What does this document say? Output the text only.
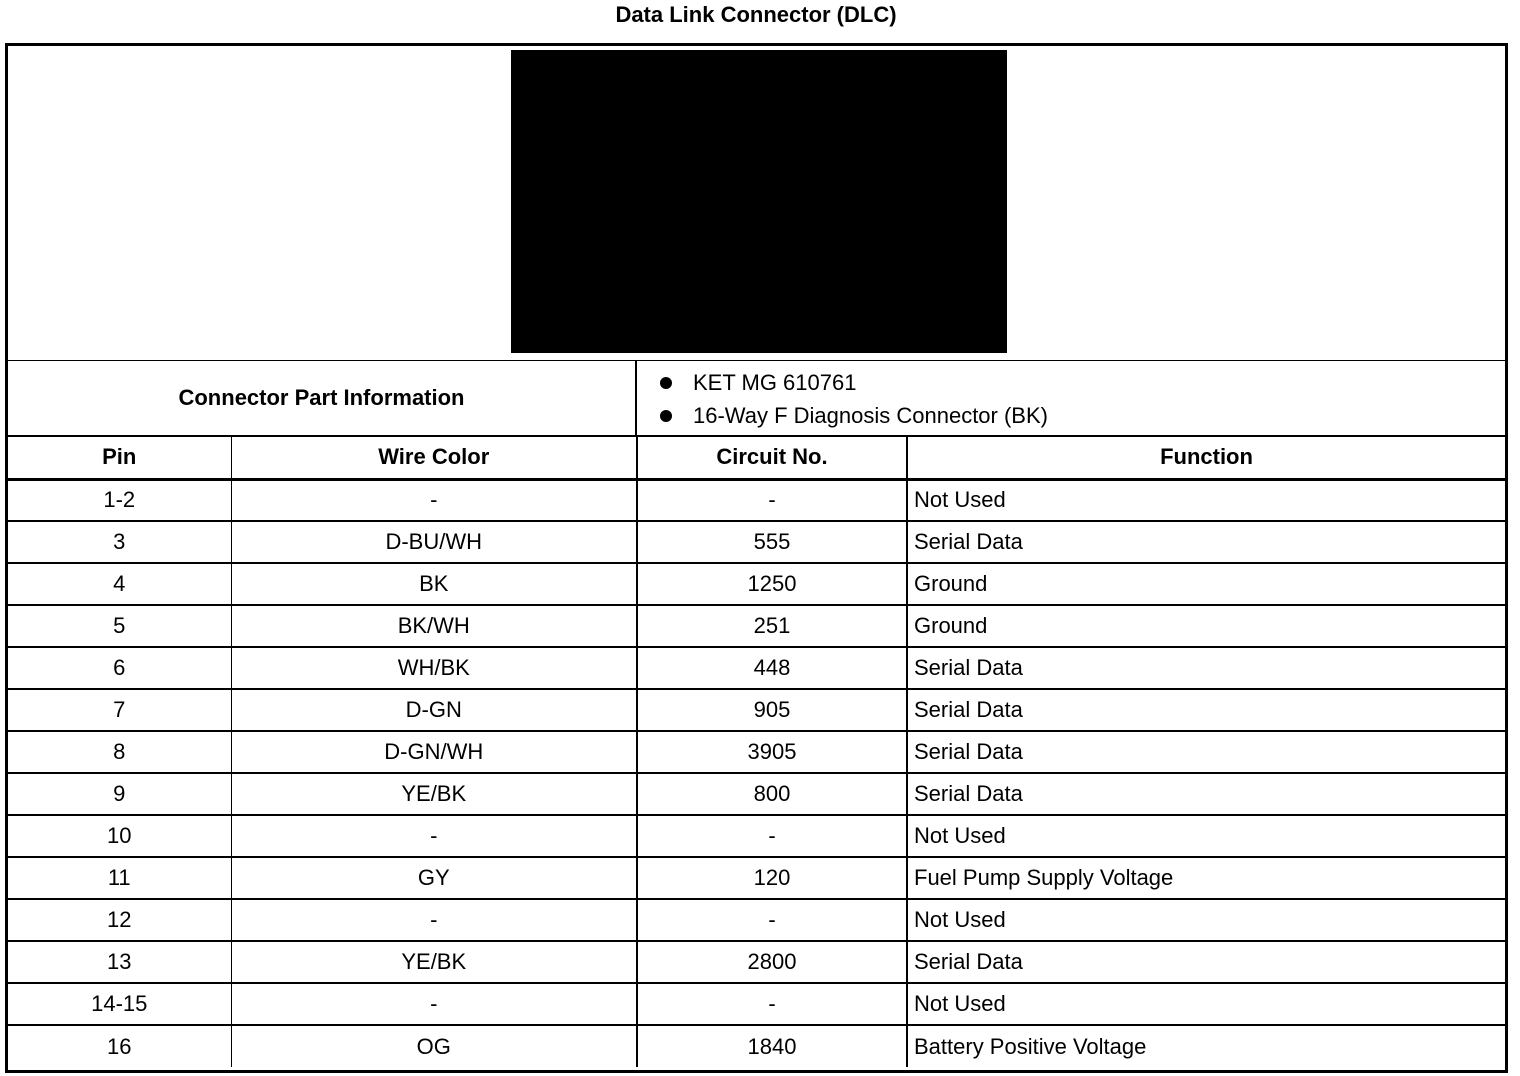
Data Link Connector (DLC)
Connector Part Information
KET MG 610761
16-Way F Diagnosis Connector (BK)
Pin	Wire Color	Circuit No.	Function
1-2	-	-	Not Used
3	D-BU/WH	555	Serial Data
4	BK	1250	Ground
5	BK/WH	251	Ground
6	WH/BK	448	Serial Data
7	D-GN	905	Serial Data
8	D-GN/WH	3905	Serial Data
9	YE/BK	800	Serial Data
10	-	-	Not Used
11	GY	120	Fuel Pump Supply Voltage
12	-	-	Not Used
13	YE/BK	2800	Serial Data
14-15	-	-	Not Used
16	OG	1840	Battery Positive Voltage
